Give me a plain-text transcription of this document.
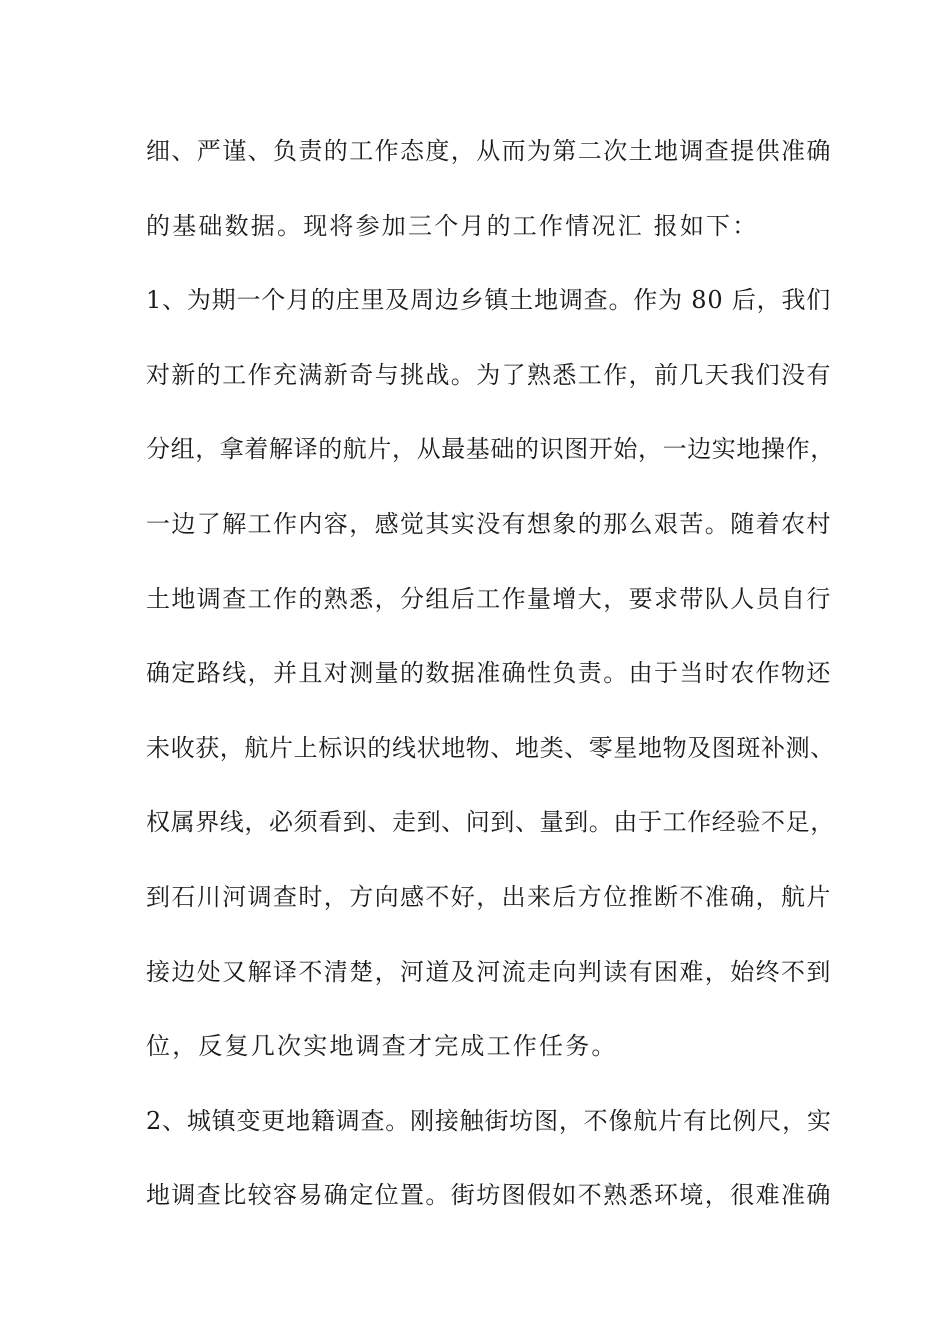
细、严谨、负责的工作态度，从而为第二次土地调查提供准确
的基础数据。现将参加三个月的工作情况汇 报如下：
1、为期一个月的庄里及周边乡镇土地调查。作为 80 后，我们
对新的工作充满新奇与挑战。为了熟悉工作，前几天我们没有
分组，拿着解译的航片，从最基础的识图开始，一边实地操作，
一边了解工作内容，感觉其实没有想象的那么艰苦。随着农村
土地调查工作的熟悉，分组后工作量增大，要求带队人员自行
确定路线，并且对测量的数据准确性负责。由于当时农作物还
未收获，航片上标识的线状地物、地类、零星地物及图斑补测、
权属界线，必须看到、走到、问到、量到。由于工作经验不足，
到石川河调查时，方向感不好，出来后方位推断不准确，航片
接边处又解译不清楚，河道及河流走向判读有困难，始终不到
位，反复几次实地调查才完成工作任务。
2、城镇变更地籍调查。刚接触街坊图，不像航片有比例尺，实
地调查比较容易确定位置。街坊图假如不熟悉环境，很难准确
